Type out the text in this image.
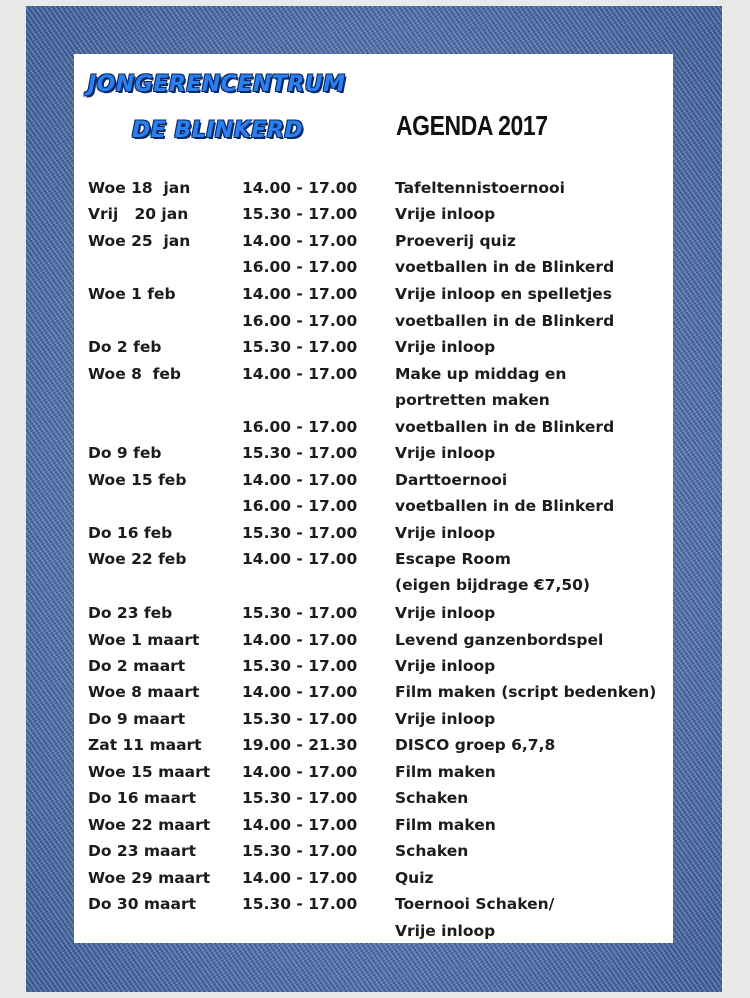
JONGERENCENTRUM
DE BLINKERD	AGENDA 2017
Woe 18  jan	14.00 - 17.00 Tafeltennistoernooi
Vrij   20 jan	15.30 - 17.00 Vrije inloop
Woe 25  jan	14.00 - 17.00 Proeverij quiz
16.00 - 17.00 voetballen in de Blinkerd
Woe 1 feb	14.00 - 17.00 Vrije inloop en spelletjes
16.00 - 17.00 voetballen in de Blinkerd
Do 2 feb	15.30 - 17.00 Vrije inloop
Woe 8  feb	14.00 - 17.00 Make up middag en
portretten maken
16.00 - 17.00 voetballen in de Blinkerd
Do 9 feb	15.30 - 17.00 Vrije inloop
Woe 15 feb	14.00 - 17.00 Darttoernooi
16.00 - 17.00 voetballen in de Blinkerd
Do 16 feb	15.30 - 17.00 Vrije inloop
Woe 22 feb	14.00 - 17.00 Escape Room
(eigen bijdrage €7,50)
Do 23 feb	15.30 - 17.00 Vrije inloop
Woe 1 maart	14.00 - 17.00 Levend ganzenbordspel
Do 2 maart	15.30 - 17.00 Vrije inloop
Woe 8 maart	14.00 - 17.00 Film maken (script bedenken)
Do 9 maart	15.30 - 17.00 Vrije inloop
Zat 11 maart	19.00 - 21.30 DISCO groep 6,7,8
Woe 15 maart 14.00 - 17.00 Film maken
Do 16 maart	15.30 - 17.00 Schaken
Woe 22 maart 14.00 - 17.00 Film maken
Do 23 maart	15.30 - 17.00 Schaken
Woe 29 maart 14.00 - 17.00 Quiz
Do 30 maart	15.30 - 17.00 Toernooi Schaken/
Vrije inloop
